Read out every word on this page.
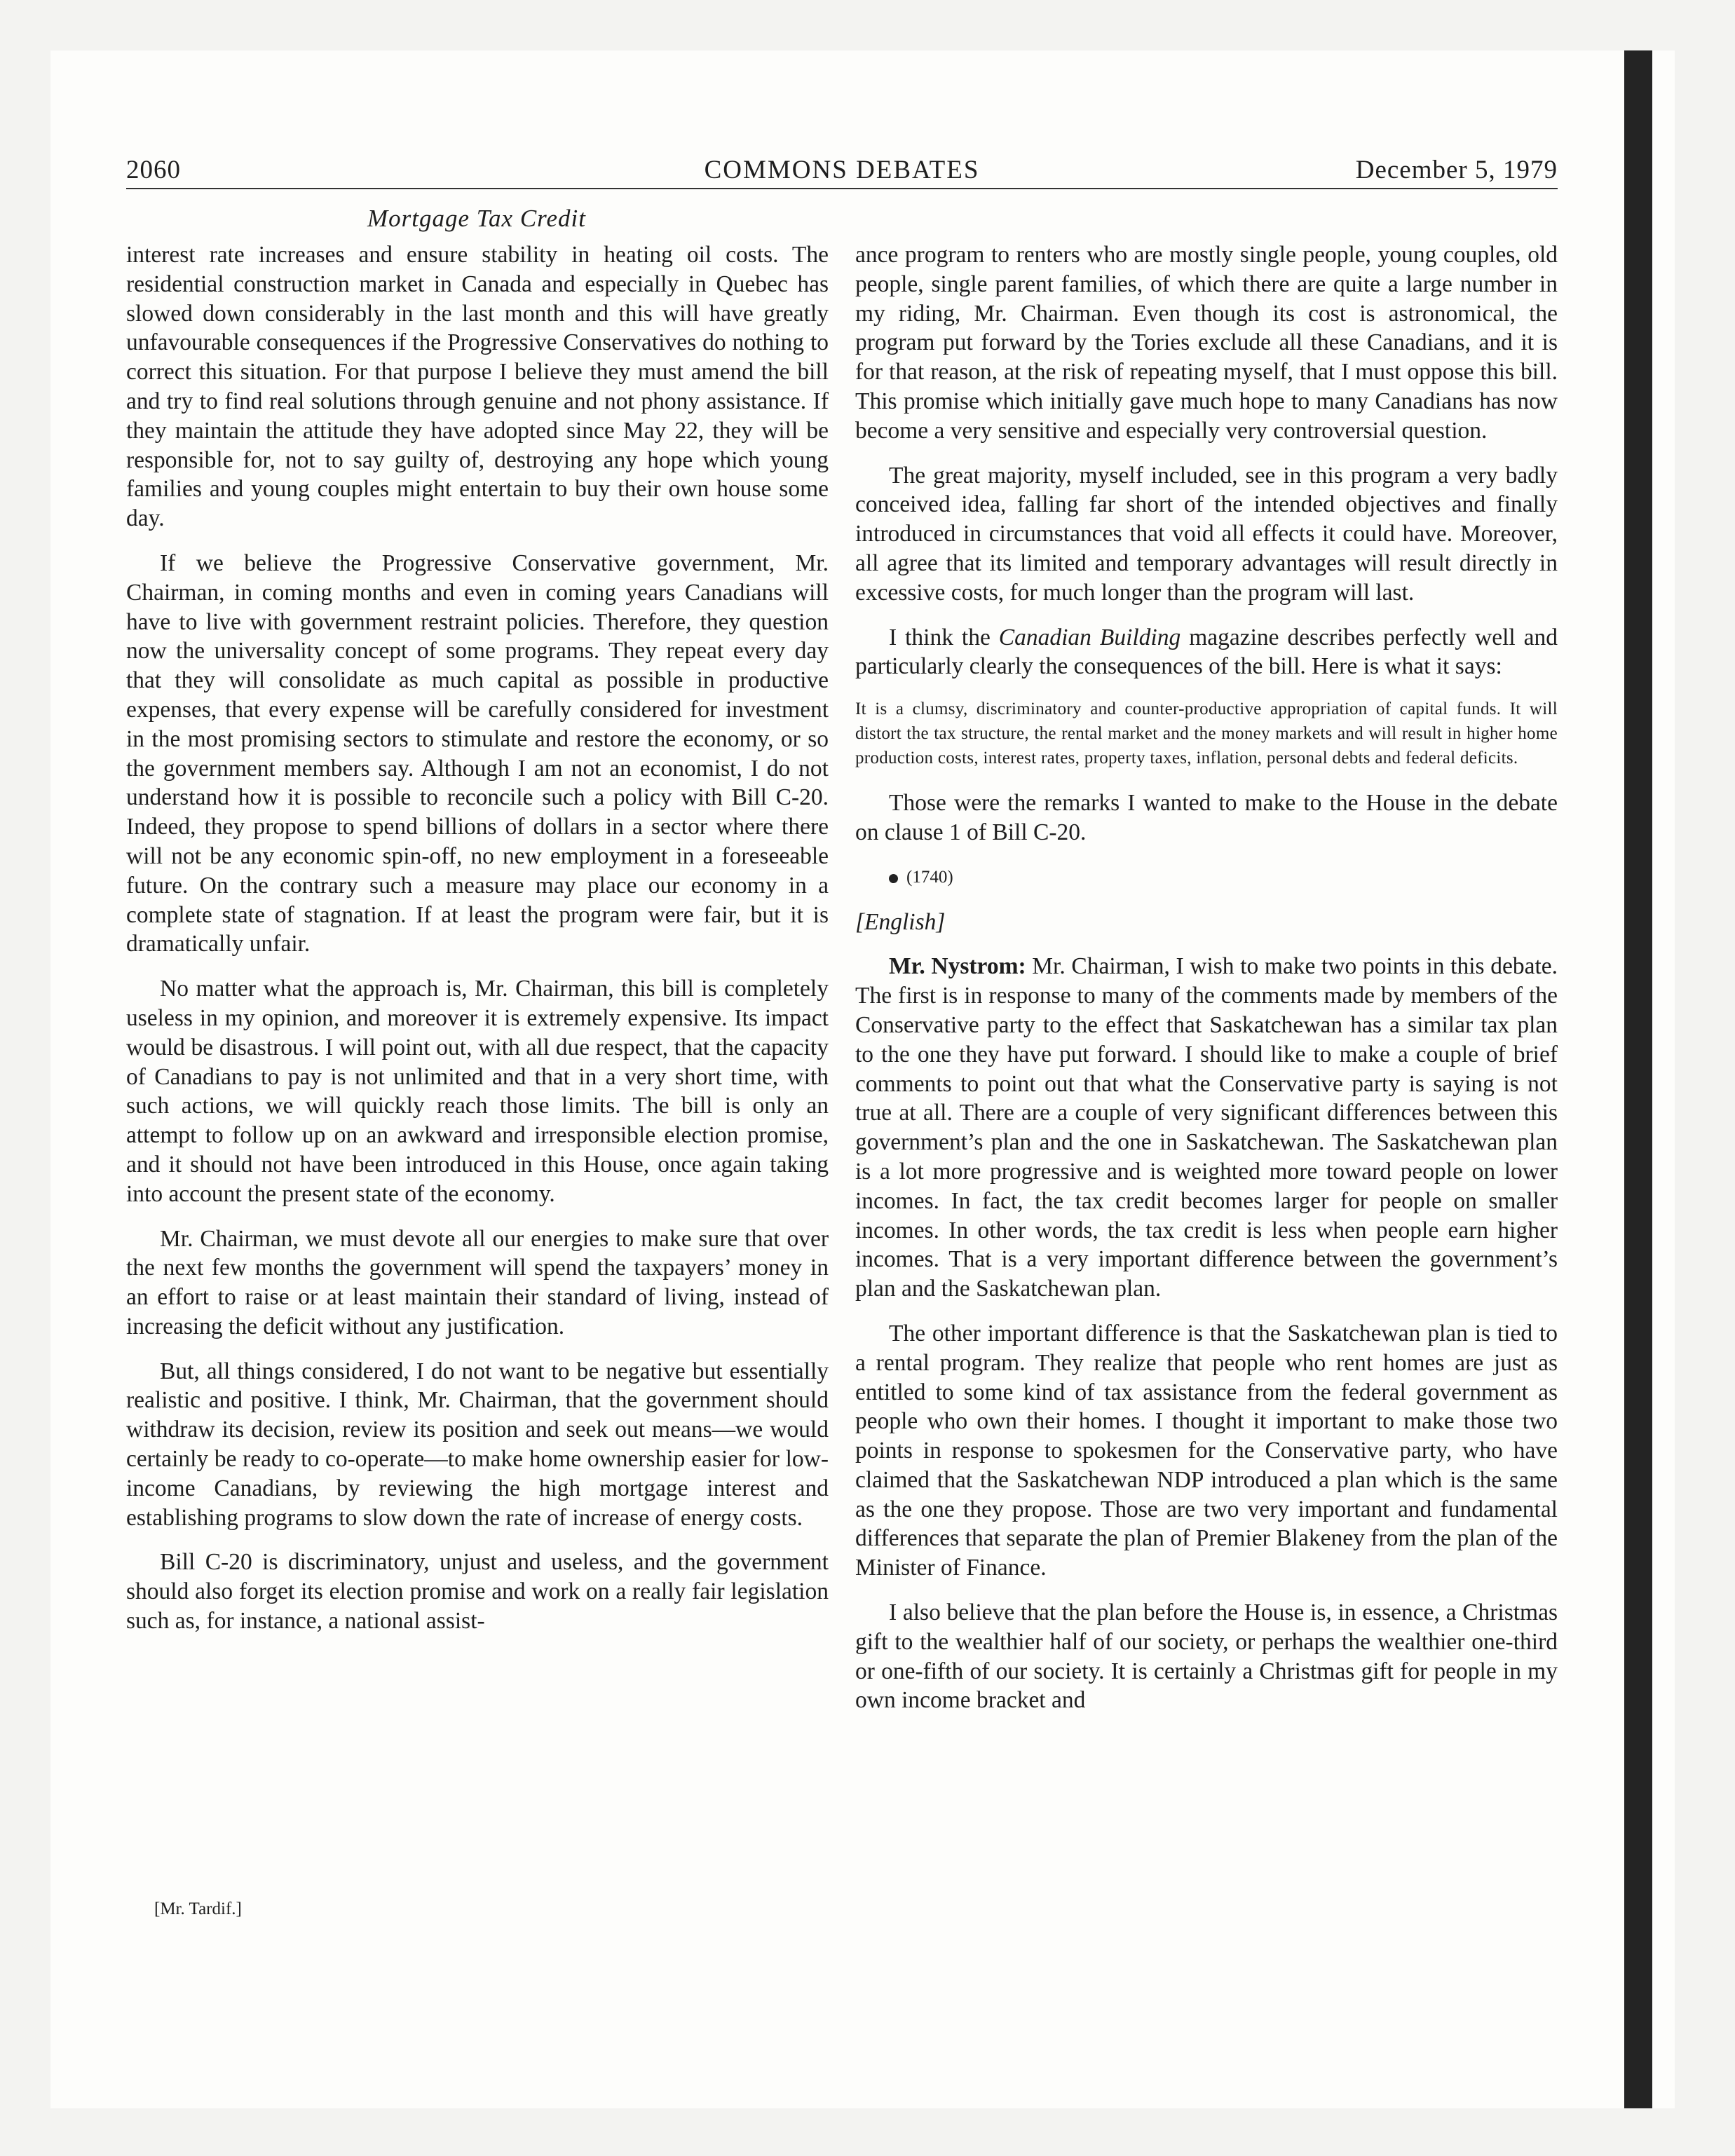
2060	COMMONS DEBATES	December 5, 1979
Mortgage Tax Credit

interest rate increases and ensure stability in heating oil costs. The residential construction market in Canada and especially in Quebec has slowed down considerably in the last month and this will have greatly unfavourable consequences if the Progressive Conservatives do nothing to correct this situation. For that purpose I believe they must amend the bill and try to find real solutions through genuine and not phony assistance. If they maintain the attitude they have adopted since May 22, they will be responsible for, not to say guilty of, destroying any hope which young families and young couples might entertain to buy their own house some day.

If we believe the Progressive Conservative government, Mr. Chairman, in coming months and even in coming years Canadians will have to live with government restraint policies. Therefore, they question now the universality concept of some programs. They repeat every day that they will consolidate as much capital as possible in productive expenses, that every expense will be carefully considered for investment in the most promising sectors to stimulate and restore the economy, or so the government members say. Although I am not an economist, I do not understand how it is possible to reconcile such a policy with Bill C-20. Indeed, they propose to spend billions of dollars in a sector where there will not be any economic spin-off, no new employment in a foreseeable future. On the contrary such a measure may place our economy in a complete state of stagnation. If at least the program were fair, but it is dramatically unfair.

No matter what the approach is, Mr. Chairman, this bill is completely useless in my opinion, and moreover it is extremely expensive. Its impact would be disastrous. I will point out, with all due respect, that the capacity of Canadians to pay is not unlimited and that in a very short time, with such actions, we will quickly reach those limits. The bill is only an attempt to follow up on an awkward and irresponsible election promise, and it should not have been introduced in this House, once again taking into account the present state of the economy.

Mr. Chairman, we must devote all our energies to make sure that over the next few months the government will spend the taxpayers’ money in an effort to raise or at least maintain their standard of living, instead of increasing the deficit without any justification.

But, all things considered, I do not want to be negative but essentially realistic and positive. I think, Mr. Chairman, that the government should withdraw its decision, review its position and seek out means—we would certainly be ready to co-operate—to make home ownership easier for low-income Canadians, by reviewing the high mortgage interest and establishing programs to slow down the rate of increase of energy costs.

Bill C-20 is discriminatory, unjust and useless, and the government should also forget its election promise and work on a really fair legislation such as, for instance, a national assist-

[Mr. Tardif.]

ance program to renters who are mostly single people, young couples, old people, single parent families, of which there are quite a large number in my riding, Mr. Chairman. Even though its cost is astronomical, the program put forward by the Tories exclude all these Canadians, and it is for that reason, at the risk of repeating myself, that I must oppose this bill. This promise which initially gave much hope to many Canadians has now become a very sensitive and especially very controversial question.

The great majority, myself included, see in this program a very badly conceived idea, falling far short of the intended objectives and finally introduced in circumstances that void all effects it could have. Moreover, all agree that its limited and temporary advantages will result directly in excessive costs, for much longer than the program will last.

I think the Canadian Building magazine describes perfectly well and particularly clearly the consequences of the bill. Here is what it says:

It is a clumsy, discriminatory and counter-productive appropriation of capital funds. It will distort the tax structure, the rental market and the money markets and will result in higher home production costs, interest rates, property taxes, inflation, personal debts and federal deficits.

Those were the remarks I wanted to make to the House in the debate on clause 1 of Bill C-20.

(1740)

[English]

Mr. Nystrom: Mr. Chairman, I wish to make two points in this debate. The first is in response to many of the comments made by members of the Conservative party to the effect that Saskatchewan has a similar tax plan to the one they have put forward. I should like to make a couple of brief comments to point out that what the Conservative party is saying is not true at all. There are a couple of very significant differences between this government’s plan and the one in Saskatchewan. The Saskatchewan plan is a lot more progressive and is weighted more toward people on lower incomes. In fact, the tax credit becomes larger for people on smaller incomes. In other words, the tax credit is less when people earn higher incomes. That is a very important difference between the government’s plan and the Saskatchewan plan.

The other important difference is that the Saskatchewan plan is tied to a rental program. They realize that people who rent homes are just as entitled to some kind of tax assistance from the federal government as people who own their homes. I thought it important to make those two points in response to spokesmen for the Conservative party, who have claimed that the Saskatchewan NDP introduced a plan which is the same as the one they propose. Those are two very important and fundamental differences that separate the plan of Premier Blakeney from the plan of the Minister of Finance.

I also believe that the plan before the House is, in essence, a Christmas gift to the wealthier half of our society, or perhaps the wealthier one-third or one-fifth of our society. It is certainly a Christmas gift for people in my own income bracket and
